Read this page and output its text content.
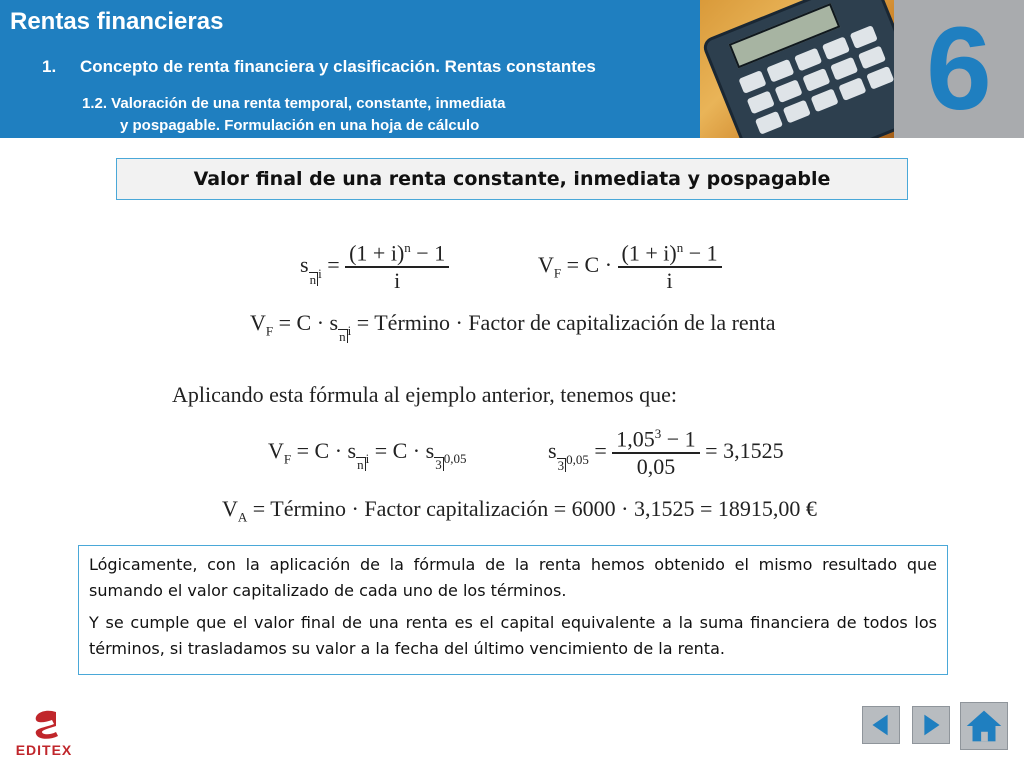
Rentas financieras
1. Concepto de renta financiera y clasificación. Rentas constantes
1.2. Valoración de una renta temporal, constante, inmediata
y pospagable. Formulación en una hoja de cálculo	6
Valor final de una renta constante, inmediata y pospagable
$s_{n i} = \frac{(1 + i)^n - 1}{i}$	$V_F = C \cdot \frac{(1 + i)^n - 1}{i}$
$V_F = C \cdot s_{n i}$ = Término · Factor de capitalización de la renta
Aplicando esta fórmula al ejemplo anterior, tenemos que:
$V_F = C \cdot s_{n i} = C \cdot s_{3 0,05}$	$s_{3 0,05} = \frac{1,05^3 - 1}{0,05} = 3,1525$
$V_A$ = Término · Factor capitalización = 6000 · 3,1525 = 18915,00 €

Lógicamente, con la aplicación de la fórmula de la renta hemos obtenido el mismo resultado que sumando el valor capitalizado de cada uno de los términos.

Y se cumple que el valor final de una renta es el capital equivalente a la suma financiera de todos los términos, si trasladamos su valor a la fecha del último vencimiento de la renta.

EDITEX
